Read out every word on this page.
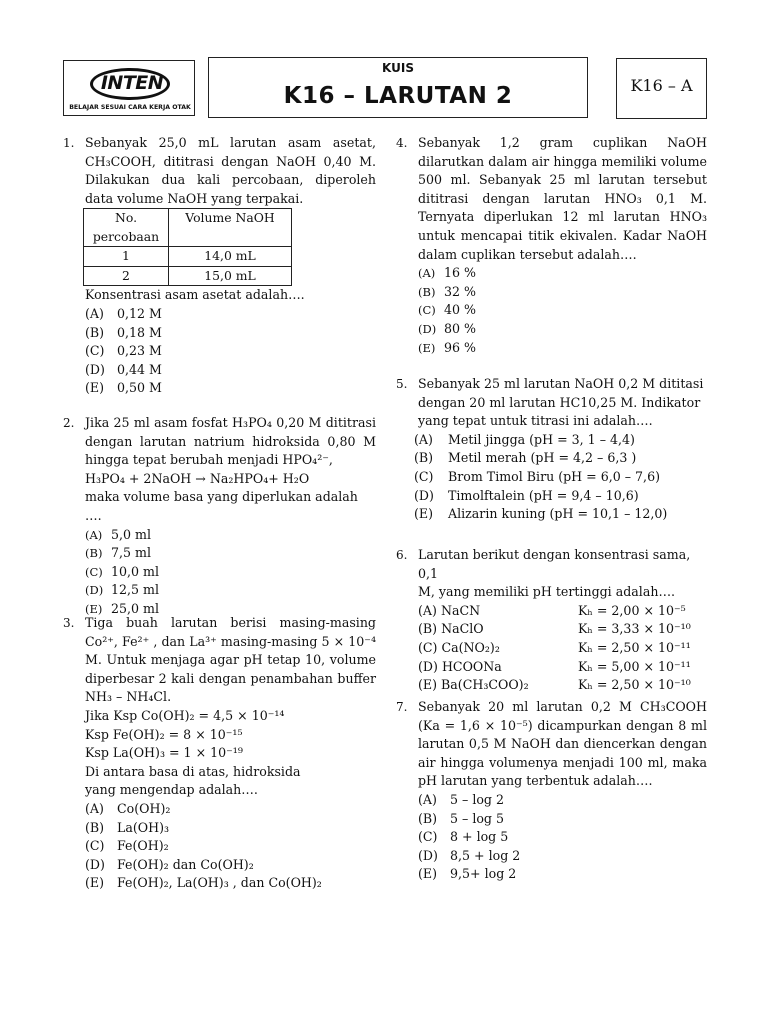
INTEN
BELAJAR SESUAI CARA KERJA OTAK
KUIS
K16 – LARUTAN 2	K16 – A
1. Sebanyak 25,0 mL larutan asam asetat, CH₃COOH, dititrasi dengan NaOH 0,40 M. Dilakukan dua kali percobaan, diperoleh data volume NaOH yang terpakai.
No. percobaan	Volume NaOH
1	14,0 mL
2	15,0 mL
Konsentrasi asam asetat adalah….
(A) 0,12 M
(B) 0,18 M
(C) 0,23 M
(D) 0,44 M
(E) 0,50 M
2. Jika 25 ml asam fosfat H₃PO₄ 0,20 M dititrasi dengan larutan natrium hidroksida 0,80 M hingga tepat berubah menjadi HPO₄²⁻,
H₃PO₄ + 2NaOH → Na₂HPO₄+ H₂O
maka volume basa yang diperlukan adalah ….
(A) 5,0 ml
(B) 7,5 ml
(C) 10,0 ml
(D) 12,5 ml
(E) 25,0 ml
3. Tiga buah larutan berisi masing-masing Co²⁺, Fe²⁺ , dan La³⁺ masing-masing 5 × 10⁻⁴ M. Untuk menjaga agar pH tetap 10, volume diperbesar 2 kali dengan penambahan buffer NH₃ – NH₄Cl.
Jika Ksp Co(OH)₂ = 4,5 × 10⁻¹⁴
Ksp Fe(OH)₂ = 8 × 10⁻¹⁵
Ksp La(OH)₃ = 1 × 10⁻¹⁹
Di antara basa di atas, hidroksida
yang mengendap adalah….
(A) Co(OH)₂
(B) La(OH)₃
(C) Fe(OH)₂
(D) Fe(OH)₂ dan Co(OH)₂
(E) Fe(OH)₂, La(OH)₃ , dan Co(OH)₂
4. Sebanyak 1,2 gram cuplikan NaOH dilarutkan dalam air hingga memiliki volume 500 ml. Sebanyak 25 ml larutan tersebut dititrasi dengan larutan HNO₃ 0,1 M. Ternyata diperlukan 12 ml larutan HNO₃ untuk mencapai titik ekivalen. Kadar NaOH dalam cuplikan tersebut adalah….
(A) 16 %
(B) 32 %
(C) 40 %
(D) 80 %
(E) 96 %
5. Sebanyak 25 ml larutan NaOH 0,2 M dititasi
dengan 20 ml larutan HC10,25 M. Indikator
yang tepat untuk titrasi ini adalah….
(A) Metil jingga (pH = 3, 1 – 4,4)
(B) Metil merah (pH = 4,2 – 6,3 )
(C) Brom Timol Biru (pH = 6,0 – 7,6)
(D) Timolftalein (pH = 9,4 – 10,6)
(E) Alizarin kuning (pH = 10,1 – 12,0)
6. Larutan berikut dengan konsentrasi sama, 0,1
M, yang memiliki pH tertinggi adalah….
(A) NaCN	Kₕ = 2,00 × 10⁻⁵
(B) NaClO	Kₕ = 3,33 × 10⁻¹⁰
(C) Ca(NO₂)₂	Kₕ = 2,50 × 10⁻¹¹
(D) HCOONa	Kₕ = 5,00 × 10⁻¹¹
(E) Ba(CH₃COO)₂	Kₕ = 2,50 × 10⁻¹⁰
7. Sebanyak 20 ml larutan 0,2 M CH₃COOH (Ka = 1,6 × 10⁻⁵) dicampurkan dengan 8 ml larutan 0,5 M NaOH dan diencerkan dengan air hingga volumenya menjadi 100 ml, maka pH larutan yang terbentuk adalah….
(A) 5 – log 2
(B) 5 – log 5
(C) 8 + log 5
(D) 8,5 + log 2
(E) 9,5+ log 2
